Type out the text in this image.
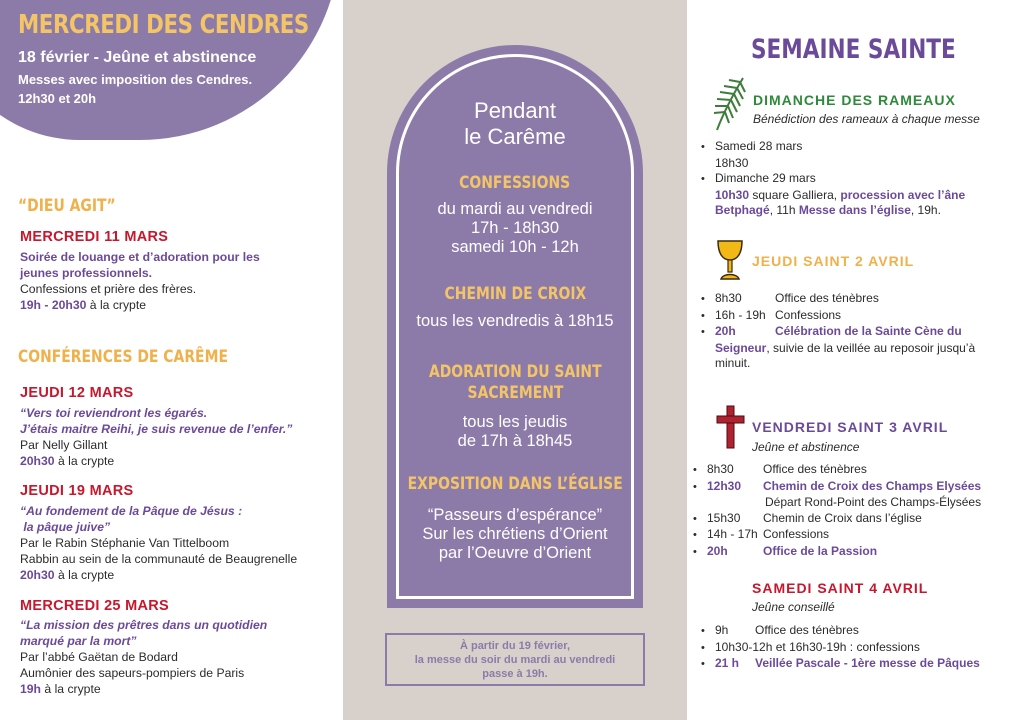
MERCREDI DES CENDRES
18 février - Jeûne et abstinence
Messes avec imposition des Cendres.
12h30 et 20h
“DIEU AGIT”
MERCREDI 11 MARS
Soirée de louange et d’adoration pour les
jeunes professionnels.
Confessions et prière des frères.
19h - 20h30 à la crypte
CONFÉRENCES DE CARÊME
JEUDI 12 MARS
“Vers toi reviendront les égarés.
J’étais maitre Reihi, je suis revenue de l’enfer.”
Par Nelly Gillant
20h30 à la crypte
JEUDI 19 MARS
“Au fondement de la Pâque de Jésus :
la pâque juive”
Par le Rabin Stéphanie Van Tittelboom
Rabbin au sein de la communauté de Beaugrenelle
20h30 à la crypte
MERCREDI 25 MARS
“La mission des prêtres dans un quotidien
marqué par la mort”
Par l’abbé Gaëtan de Bodard
Aumônier des sapeurs-pompiers de Paris
19h à la crypte
Pendant
le Carême
CONFESSIONS
du mardi au vendredi
17h - 18h30
samedi 10h - 12h
CHEMIN DE CROIX
tous les vendredis à 18h15
ADORATION DU SAINT
SACREMENT
tous les jeudis
de 17h à 18h45
EXPOSITION DANS L’ÉGLISE
“Passeurs d’espérance”
Sur les chrétiens d’Orient
par l’Oeuvre d’Orient
À partir du 19 février,
la messe du soir du mardi au vendredi
passe à 19h.
SEMAINE SAINTE
DIMANCHE DES RAMEAUX
Bénédiction des rameaux à chaque messe
• Samedi 28 mars
18h30
• Dimanche 29 mars
10h30 square Galliera, procession avec l’âne
Betphagé, 11h Messe dans l’église, 19h.
JEUDI SAINT 2 AVRIL
• 8h30	Office des ténèbres
• 16h - 19h Confessions
• 20h	Célébration de la Sainte Cène du
Seigneur, suivie de la veillée au reposoir jusqu’à
minuit.
VENDREDI SAINT 3 AVRIL
Jeûne et abstinence
• 8h30 Office des ténèbres
• 12h30 Chemin de Croix des Champs Elysées
Départ Rond-Point des Champs-Élysées
• 15h30 Chemin de Croix dans l’église
• 14h - 17h Confessions
• 20h	Office de la Passion
SAMEDI SAINT 4 AVRIL
Jeûne conseillé
• 9h Office des ténèbres
• 10h30-12h et 16h30-19h : confessions
• 21 h Veillée Pascale - 1ère messe de Pâques
